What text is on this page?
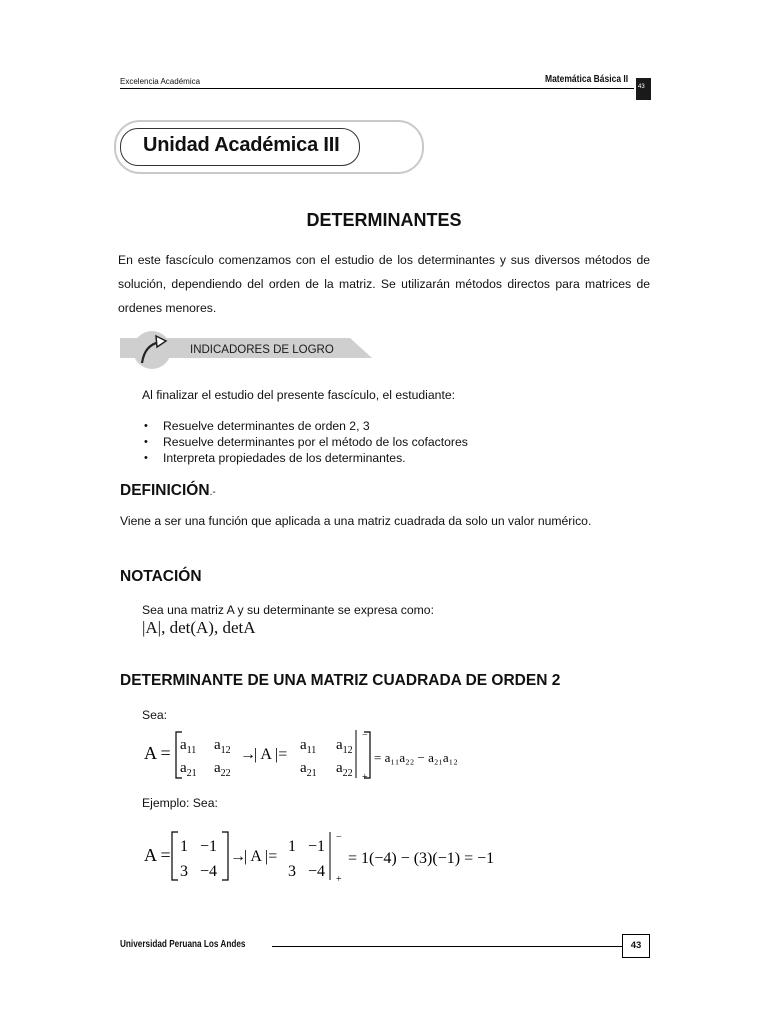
Excelencia Académica	Matemática Básica II
43
Unidad Académica III
DETERMINANTES
En este fascículo comenzamos con el estudio de los determinantes y sus diversos métodos de solución, dependiendo del orden de la matriz. Se utilizarán métodos directos para matrices de ordenes menores.
INDICADORES DE LOGRO
Al finalizar el estudio del presente fascículo, el estudiante:
• Resuelve determinantes de orden 2, 3
• Resuelve determinantes por el método de los cofactores
• Interpreta propiedades de los determinantes.
DEFINICIÓN.-
Viene a ser una función que aplicada a una matriz cuadrada da solo un valor numérico.
NOTACIÓN
Sea una matriz A y su determinante se expresa como:
|A|, det(A), detA
DETERMINANTE DE UNA MATRIZ CUADRADA DE ORDEN 2
Sea:
$A = a_{11}$ $a_{12}$
$a_{21}$ $a_{22}$
→
| A |=
$a_{11}$ $a_{12}$
$a_{21}$ $a_{22}$
−
+
= a₁₁a₂₂ − a₂₁a₁₂
Ejemplo: Sea:
A = 1 −1
3 −4
→
| A |=
1 −1
3 −4
−
+
= 1(−4) − (3)(−1) = −1
Universidad Peruana Los Andes	43
